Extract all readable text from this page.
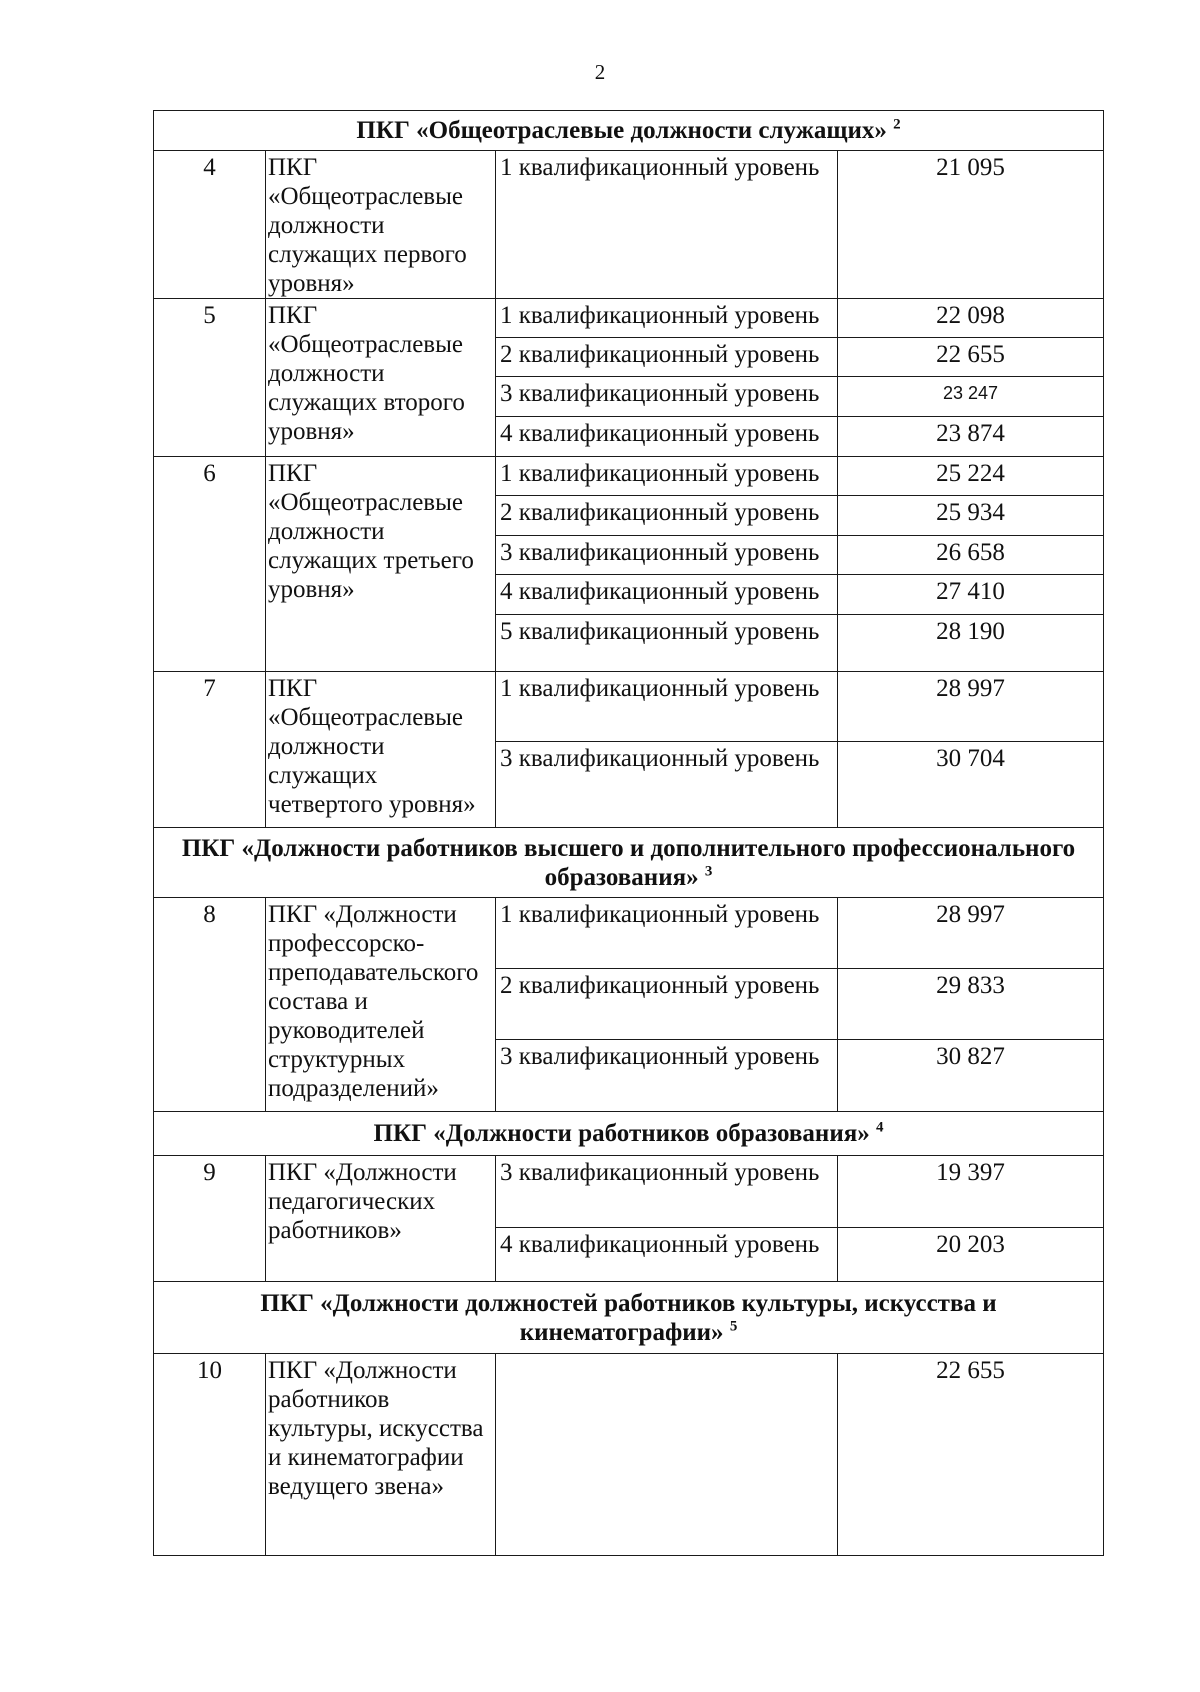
2
ПКГ «Общеотраслевые должности служащих» $^2$
4	ПКГ «Общеотраслевые должности служащих первого уровня»	1 квалификационный уровень	21 095
5	ПКГ «Общеотраслевые должности служащих второго уровня»	1 квалификационный уровень	22 098
		2 квалификационный уровень	22 655
		3 квалификационный уровень	23 247
		4 квалификационный уровень	23 874
6	ПКГ «Общеотраслевые должности служащих третьего уровня»	1 квалификационный уровень	25 224
		2 квалификационный уровень	25 934
		3 квалификационный уровень	26 658
		4 квалификационный уровень	27 410
		5 квалификационный уровень	28 190
7	ПКГ «Общеотраслевые должности служащих четвертого уровня»	1 квалификационный уровень	28 997
		3 квалификационный уровень	30 704
ПКГ «Должности работников высшего и дополнительного профессионального образования» $^3$
8	ПКГ «Должности профессорско-преподавательского состава и руководителей структурных подразделений»	1 квалификационный уровень	28 997
		2 квалификационный уровень	29 833
		3 квалификационный уровень	30 827
ПКГ «Должности работников образования» $^4$
9	ПКГ «Должности педагогических работников»	3 квалификационный уровень	19 397
		4 квалификационный уровень	20 203
ПКГ «Должности должностей работников культуры, искусства и кинематографии» $^5$
10	ПКГ «Должности работников культуры, искусства и кинематографии ведущего звена»		22 655
